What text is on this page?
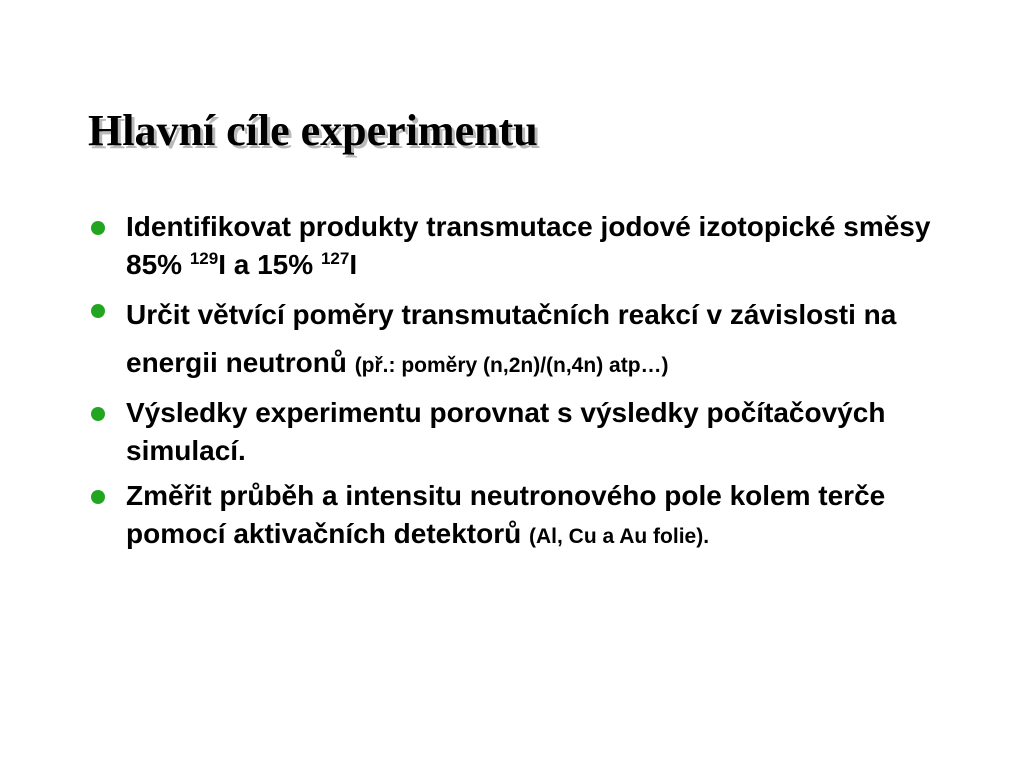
Hlavní cíle experimentu
Identifikovat produkty transmutace jodové izotopické směsy 85% $^{129}$I a 15% $^{127}$I
Určit větvící poměry transmutačních reakcí v závislosti na energii neutronů (př.: poměry (n,2n)/(n,4n) atp…)
Výsledky experimentu porovnat s výsledky počítačových simulací.
Změřit průběh a intensitu neutronového pole kolem terče pomocí aktivačních detektorů (Al, Cu a Au folie).
